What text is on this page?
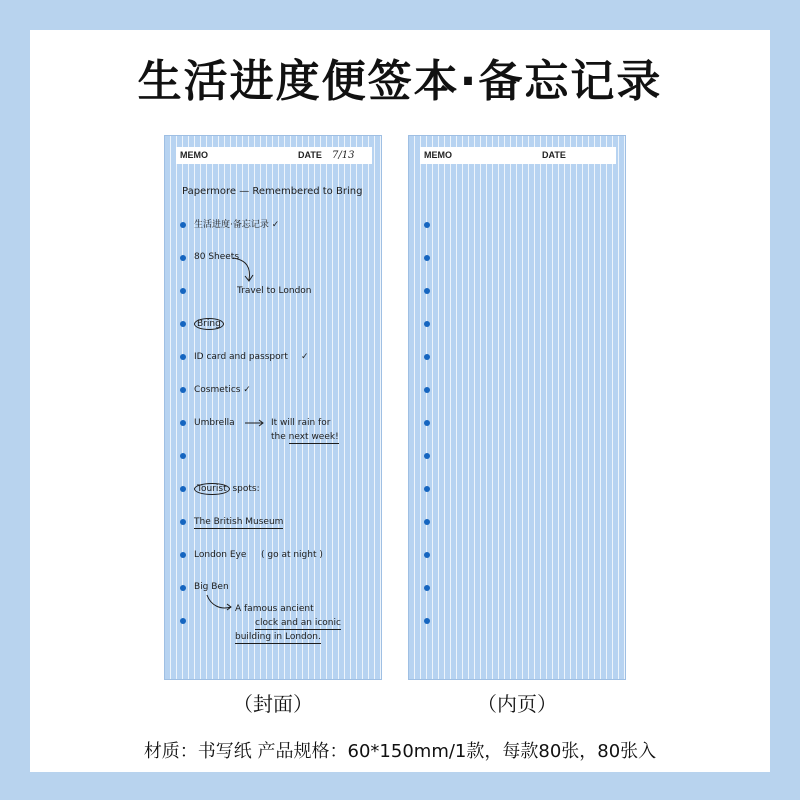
生活进度便签本·备忘记录
MEMO	DATE 7/13
Papermore — Remembered to Bring
生活进度·备忘记录 ✓
80 Sheets
Travel to London
Bring
ID card and passport ✓
Cosmetics ✓
Umbrella	It will rain for
the next week!
Tourist spots:
The British Museum
London Eye ( go at night )
Big Ben
A famous ancient
clock and an iconic
building in London.
MEMO	DATE
（封面）	（内页）
材质：书写纸 产品规格：60*150mm/1款，每款80张，80张入
